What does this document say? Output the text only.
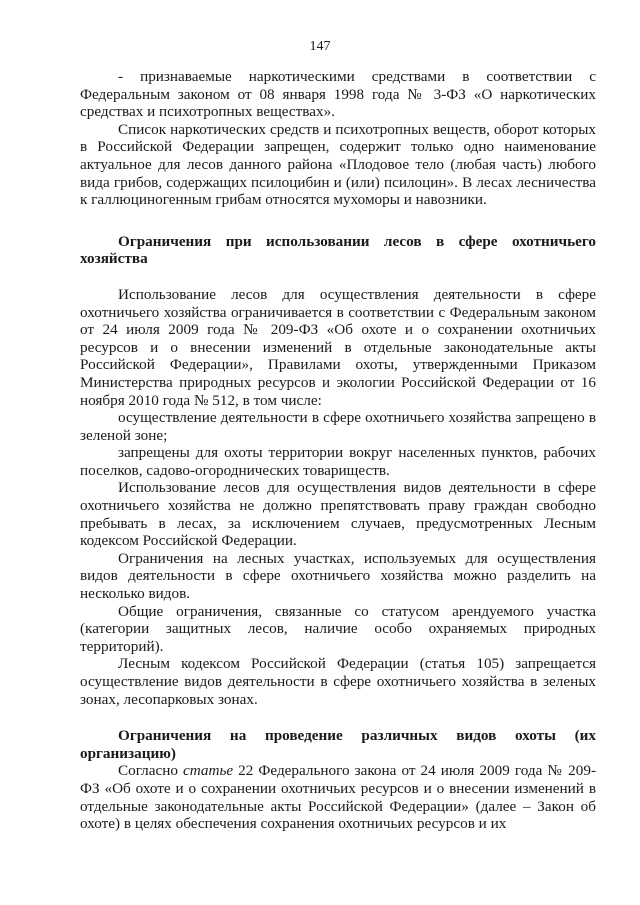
147

- признаваемые наркотическими средствами в соответствии с Федеральным законом от 08 января 1998 года № 3-ФЗ «О наркотических средствах и психотропных веществах».

Список наркотических средств и психотропных веществ, оборот которых в Российской Федерации запрещен, содержит только одно наименование актуальное для лесов данного района «Плодовое тело (любая часть) любого вида грибов, содержащих псилоцибин и (или) псилоцин». В лесах лесничества к галлюциногенным грибам относятся мухоморы и навозники.

Ограничения при использовании лесов в сфере охотничьего хозяйства

Использование лесов для осуществления деятельности в сфере охотничьего хозяйства ограничивается в соответствии с Федеральным законом от 24 июля 2009 года № 209-ФЗ «Об охоте и о сохранении охотничьих ресурсов и о внесении изменений в отдельные законодательные акты Российской Федерации», Правилами охоты, утвержденными Приказом Министерства природных ресурсов и экологии Российской Федерации от 16 ноября 2010 года № 512, в том числе:

осуществление деятельности в сфере охотничьего хозяйства запрещено в зеленой зоне;

запрещены для охоты территории вокруг населенных пунктов, рабочих поселков, садово-огороднических товариществ.

Использование лесов для осуществления видов деятельности в сфере охотничьего хозяйства не должно препятствовать праву граждан свободно пребывать в лесах, за исключением случаев, предусмотренных Лесным кодексом Российской Федерации.

Ограничения на лесных участках, используемых для осуществления видов деятельности в сфере охотничьего хозяйства можно разделить на несколько видов.

Общие ограничения, связанные со статусом арендуемого участка (категории защитных лесов, наличие особо охраняемых природных территорий).

Лесным кодексом Российской Федерации (статья 105) запрещается осуществление видов деятельности в сфере охотничьего хозяйства в зеленых зонах, лесопарковых зонах.

Ограничения на проведение различных видов охоты (их организацию)

Согласно статье 22 Федерального закона от 24 июля 2009 года № 209-ФЗ «Об охоте и о сохранении охотничьих ресурсов и о внесении изменений в отдельные законодательные акты Российской Федерации» (далее – Закон об охоте) в целях обеспечения сохранения охотничьих ресурсов и их
